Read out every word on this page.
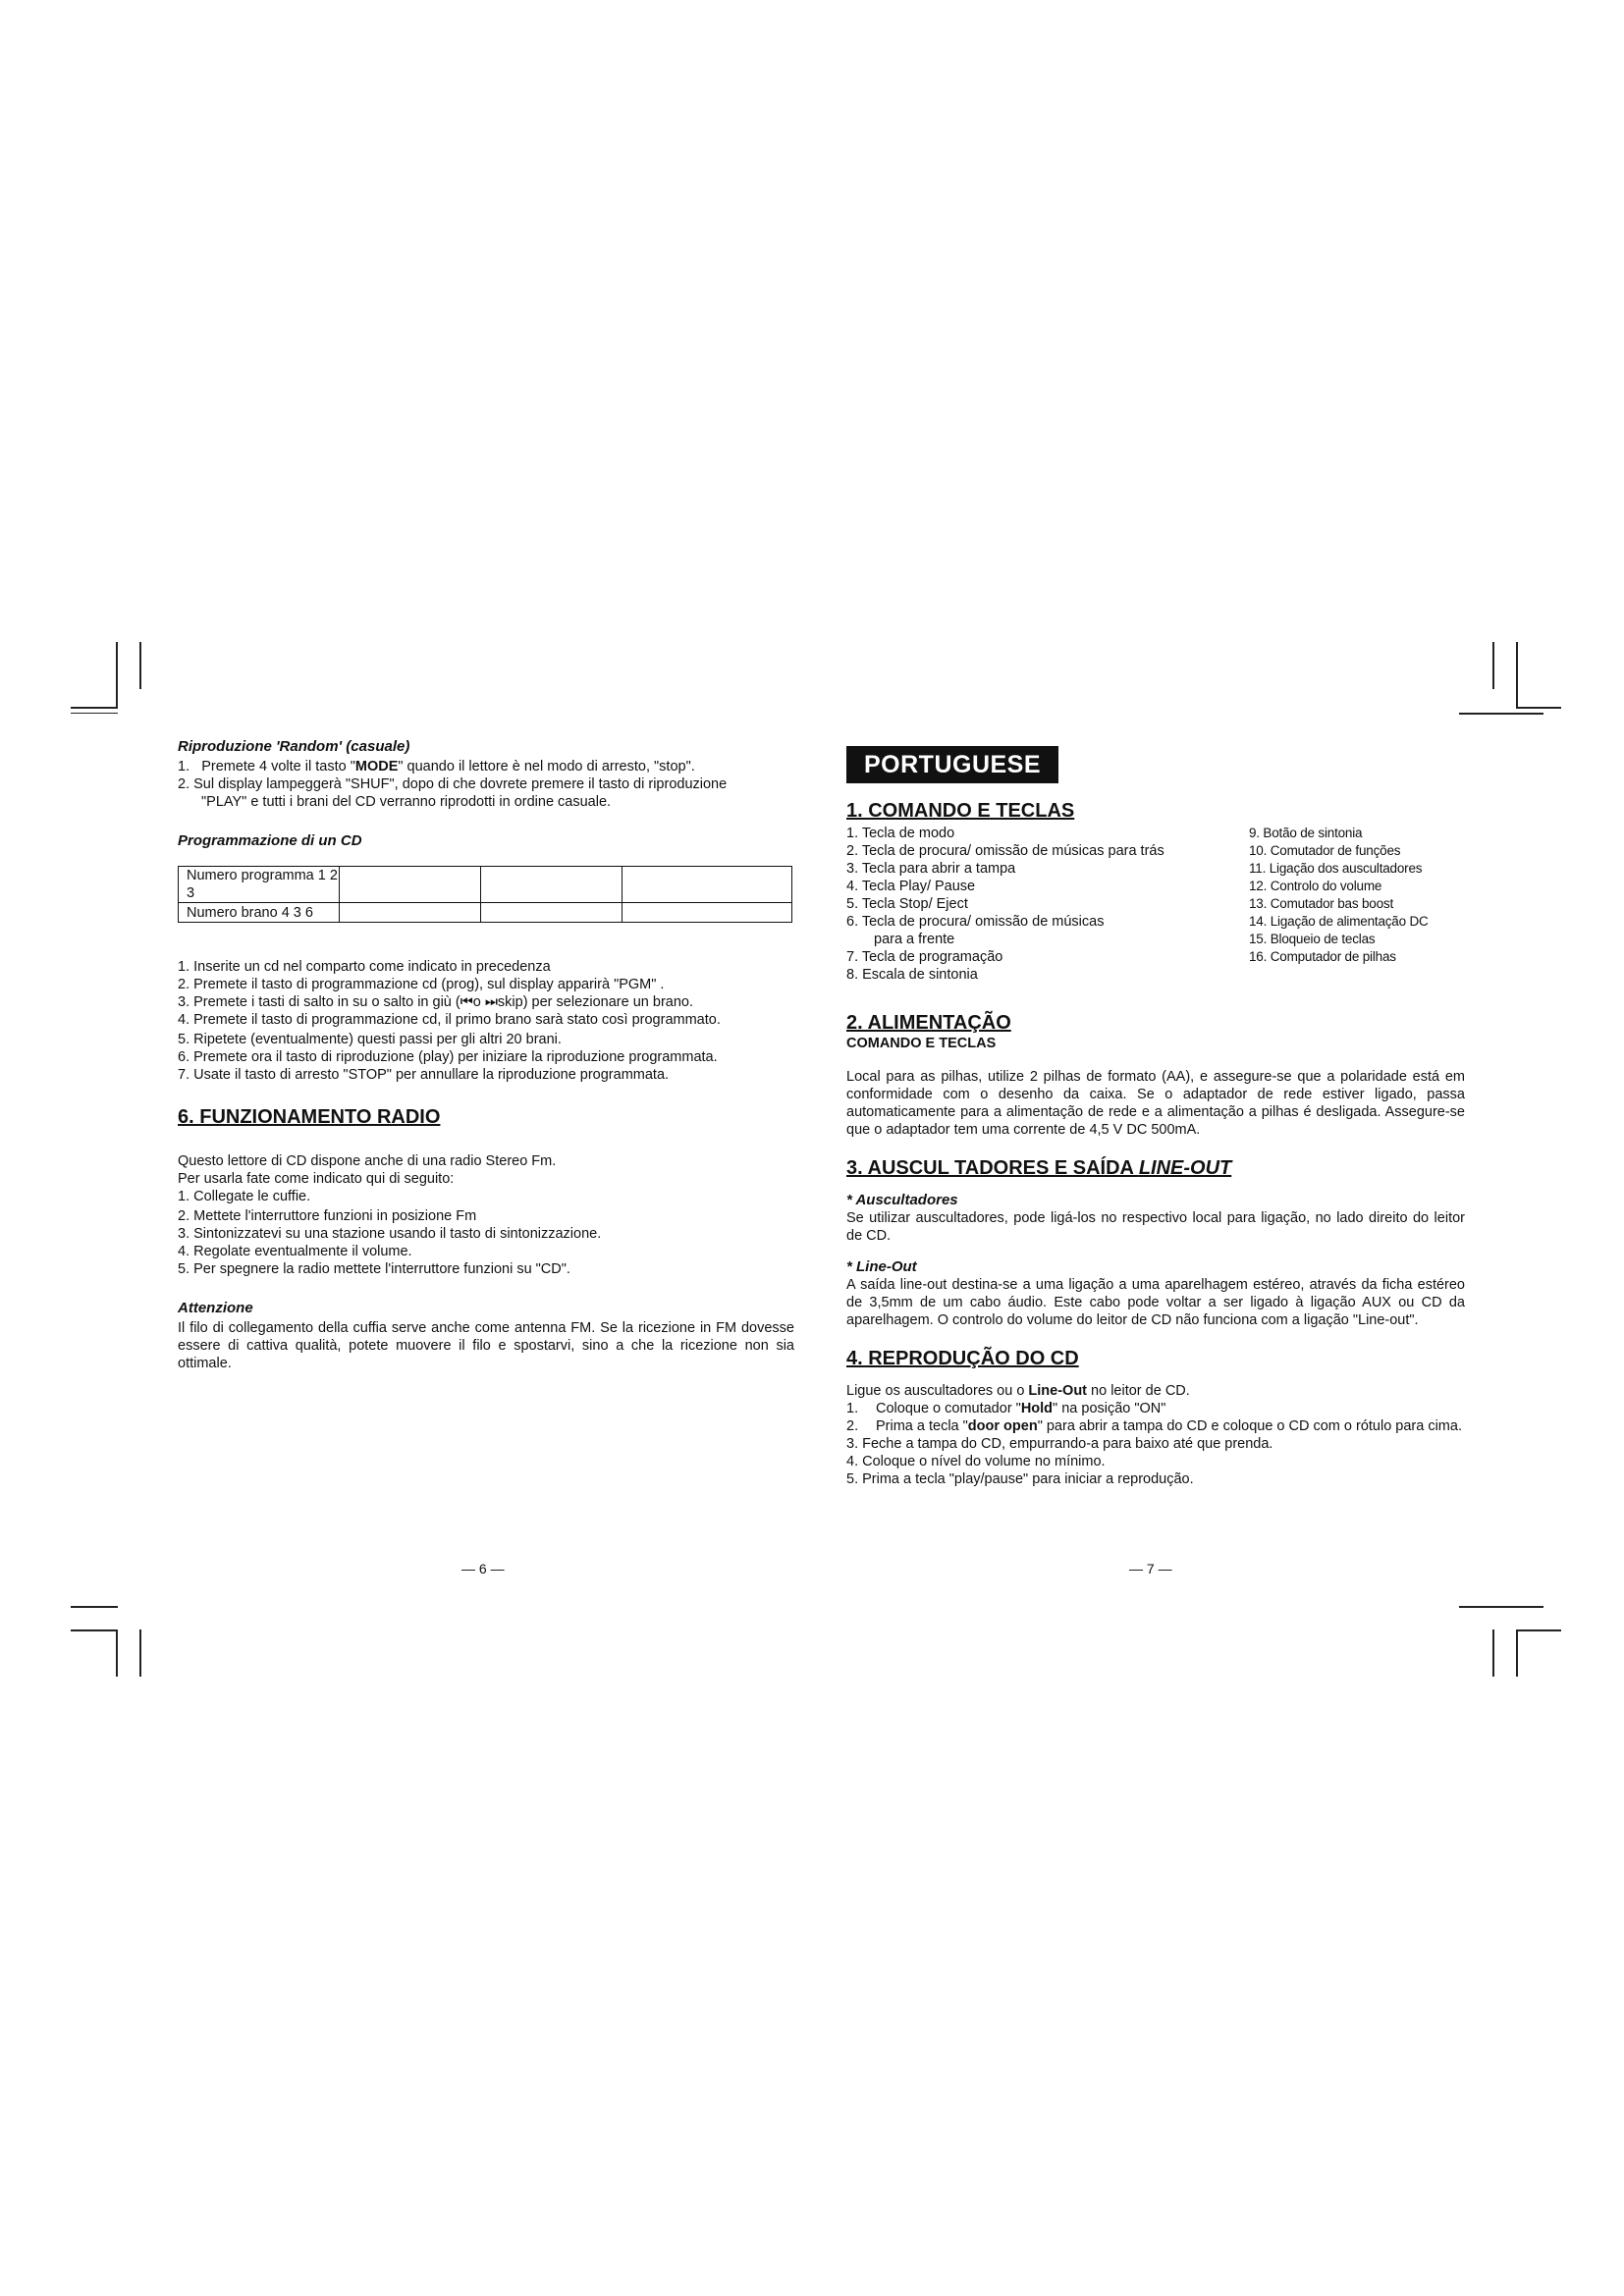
Riproduzione 'Random' (casuale)

1. Premete 4 volte il tasto "MODE" quando il lettore è nel modo di arresto, "stop".

2. Sul display lampeggerà "SHUF", dopo di che dovrete premere il tasto di riproduzione

"PLAY" e tutti i brani del CD verranno riprodotti in ordine casuale.

Programmazione di un CD

Numero programma 1 2 3			
Numero brano 4 3 6			

1. Inserite un cd nel comparto come indicato in precedenza

2. Premete il tasto di programmazione cd (prog), sul display apparirà "PGM" .

3. Premete i tasti di salto in su o salto in giù (⏮o ⏭skip) per selezionare un brano.

4. Premete il tasto di programmazione cd, il primo brano sarà stato così programmato.

5. Ripetete (eventualmente) questi passi per gli altri 20 brani.

6. Premete ora il tasto di riproduzione (play) per iniziare la riproduzione programmata.

7. Usate il tasto di arresto "STOP" per annullare la riproduzione programmata.

6. FUNZIONAMENTO RADIO

Questo lettore di CD dispone anche di una radio Stereo Fm.

Per usarla fate come indicato qui di seguito:

1. Collegate le cuffie.

2. Mettete l'interruttore funzioni in posizione Fm

3. Sintonizzatevi su una stazione usando il tasto di sintonizzazione.

4. Regolate eventualmente il volume.

5. Per spegnere la radio mettete l'interruttore funzioni su "CD".

Attenzione

Il filo di collegamento della cuffia serve anche come antenna FM. Se la ricezione in FM dovesse essere di cattiva qualità, potete muovere il filo e spostarvi, sino a che la ricezione non sia ottimale.

— 6 —
PORTUGUESE

1. COMANDO E TECLAS

1. Tecla de modo

2. Tecla de procura/ omissão de músicas para trás

3. Tecla para abrir a tampa

4. Tecla Play/ Pause

5. Tecla Stop/ Eject

6. Tecla de procura/ omissão de músicas

para a frente

7. Tecla de programação

8. Escala de sintonia

9. Botão de sintonia

10. Comutador de funções

11. Ligação dos auscultadores

12. Controlo do volume

13. Comutador bas boost

14. Ligação de alimentação DC

15. Bloqueio de teclas

16. Computador de pilhas

2. ALIMENTAÇÃO

COMANDO E TECLAS

Local para as pilhas, utilize 2 pilhas de formato (AA), e assegure-se que a polaridade está em conformidade com o desenho da caixa. Se o adaptador de rede estiver ligado, passa automaticamente para a alimentação de rede e a alimentação a pilhas é desligada. Assegure-se que o adaptador tem uma corrente de 4,5 V DC 500mA.

3. AUSCUL TADORES E SAÍDA LINE-OUT

* Auscultadores

Se utilizar auscultadores, pode ligá-los no respectivo local para ligação, no lado direito do leitor de CD.

* Line-Out

A saída line-out destina-se a uma ligação a uma aparelhagem estéreo, através da ficha estéreo de 3,5mm de um cabo áudio. Este cabo pode voltar a ser ligado à ligação AUX ou CD da aparelhagem. O controlo do volume do leitor de CD não funciona com a ligação "Line-out".

4. REPRODUÇÃO DO CD

Ligue os auscultadores ou o Line-Out no leitor de CD.

1. Coloque o comutador "Hold" na posição "ON"

2. Prima a tecla "door open" para abrir a tampa do CD e coloque o CD com o rótulo para cima.

3. Feche a tampa do CD, empurrando-a para baixo até que prenda.

4. Coloque o nível do volume no mínimo.

5. Prima a tecla "play/pause" para iniciar a reprodução.

— 7 —
